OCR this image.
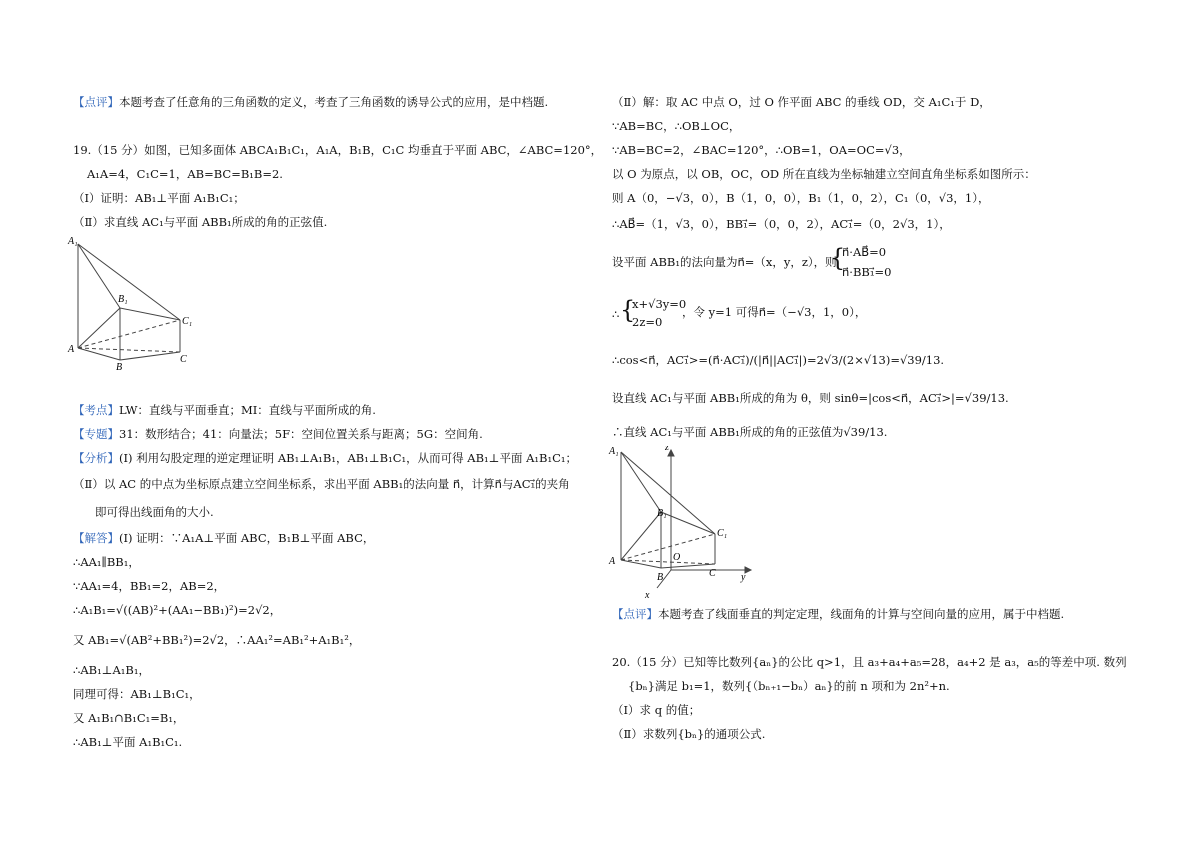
【点评】本题考查了任意角的三角函数的定义，考查了三角函数的诱导公式的应用，是中档题.
19.（15 分）如图，已知多面体 ABCA₁B₁C₁，A₁A，B₁B，C₁C 均垂直于平面 ABC，∠ABC=120°，
A₁A=4，C₁C=1，AB=BC=B₁B=2.
（Ⅰ）证明：AB₁⊥平面 A₁B₁C₁；
（Ⅱ）求直线 AC₁与平面 ABB₁所成的角的正弦值.
A₁
B₁
C₁
A
B
C
【考点】LW：直线与平面垂直；MI：直线与平面所成的角.
【专题】31：数形结合；41：向量法；5F：空间位置关系与距离；5G：空间角.
【分析】(Ⅰ) 利用勾股定理的逆定理证明 AB₁⊥A₁B₁，AB₁⊥B₁C₁，从而可得 AB₁⊥平面 A₁B₁C₁；
（Ⅱ）以 AC 的中点为坐标原点建立空间坐标系，求出平面 ABB₁的法向量 n⃗，计算n⃗与AC₁⃗的夹角
即可得出线面角的大小.
【解答】(Ⅰ) 证明：∵A₁A⊥平面 ABC，B₁B⊥平面 ABC，
∴AA₁∥BB₁，
∵AA₁=4，BB₁=2，AB=2，
∴A₁B₁=√((AB)²+(AA₁−BB₁)²)=2√2，
又 AB₁=√(AB²+BB₁²)=2√2，∴AA₁²=AB₁²+A₁B₁²，
∴AB₁⊥A₁B₁，
同理可得：AB₁⊥B₁C₁，
又 A₁B₁∩B₁C₁=B₁，
∴AB₁⊥平面 A₁B₁C₁.
（Ⅱ）解：取 AC 中点 O，过 O 作平面 ABC 的垂线 OD，交 A₁C₁于 D，
∵AB=BC，∴OB⊥OC，
∵AB=BC=2，∠BAC=120°，∴OB=1，OA=OC=√3，
以 O 为原点，以 OB，OC，OD 所在直线为坐标轴建立空间直角坐标系如图所示：
则 A（0，−√3，0），B（1，0，0），B₁（1，0，2），C₁（0，√3，1），
∴AB⃗=（1，√3，0），BB₁⃗=（0，0，2），AC₁⃗=（0，2√3，1），
设平面 ABB₁的法向量为n⃗=（x，y，z），则
{
n⃗·AB⃗=0
n⃗·BB₁⃗=0
∴ {
x+√3y=0
2z=0
，令 y=1 可得n⃗=（−√3，1，0），
∴cos<n⃗，AC₁⃗>=(n⃗·AC₁⃗)/(|n⃗||AC₁⃗|)=2√3/(2×√13)=√39/13.
设直线 AC₁与平面 ABB₁所成的角为 θ，则 sinθ=|cos<n⃗，AC₁⃗>|=√39/13.
∴直线 AC₁与平面 ABB₁所成的角的正弦值为√39/13.
A₁	z
B₁
C₁
O
A
B	C	y
x
【点评】本题考查了线面垂直的判定定理，线面角的计算与空间向量的应用，属于中档题.
20.（15 分）已知等比数列{aₙ}的公比 q>1，且 a₃+a₄+a₅=28，a₄+2 是 a₃，a₅的等差中项. 数列
{bₙ}满足 b₁=1，数列{（bₙ₊₁−bₙ）aₙ}的前 n 项和为 2n²+n.
（Ⅰ）求 q 的值；
（Ⅱ）求数列{bₙ}的通项公式.
